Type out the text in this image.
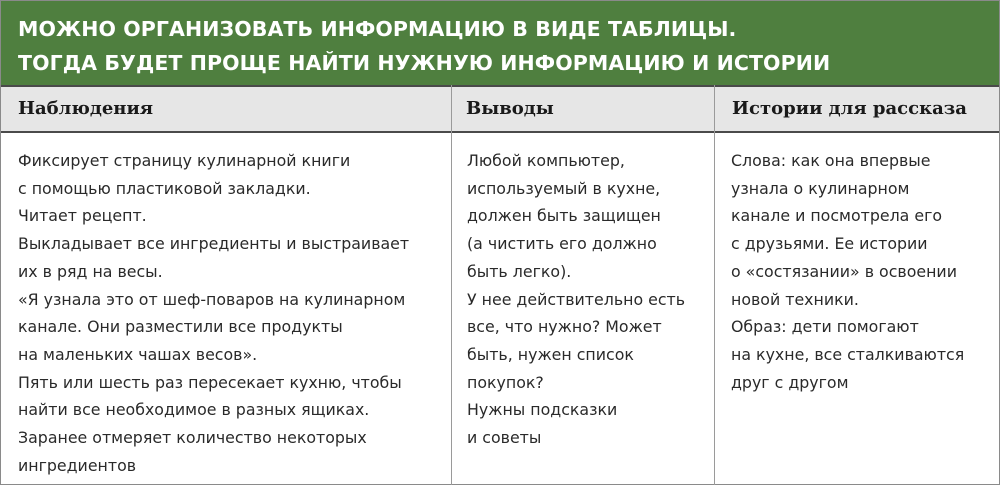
МОЖНО ОРГАНИЗОВАТЬ ИНФОРМАЦИЮ В ВИДЕ ТАБЛИЦЫ.
ТОГДА БУДЕТ ПРОЩЕ НАЙТИ НУЖНУЮ ИНФОРМАЦИЮ И ИСТОРИИ
Наблюдения	Выводы	Истории для рассказа
Фиксирует страницу кулинарной книги
с помощью пластиковой закладки.
Читает рецепт.
Выкладывает все ингредиенты и выстраивает
их в ряд на весы.
«Я узнала это от шеф-поваров на кулинарном
канале. Они разместили все продукты
на маленьких чашах весов».
Пять или шесть раз пересекает кухню, чтобы
найти все необходимое в разных ящиках.
Заранее отмеряет количество некоторых
ингредиентов
Любой компьютер,
используемый в кухне,
должен быть защищен
(а чистить его должно
быть легко).
У нее действительно есть
все, что нужно? Может
быть, нужен список
покупок?
Нужны подсказки
и советы
Слова: как она впервые
узнала о кулинарном
канале и посмотрела его
с друзьями. Ее истории
о «состязании» в освоении
новой техники.
Образ: дети помогают
на кухне, все сталкиваются
друг с другом
